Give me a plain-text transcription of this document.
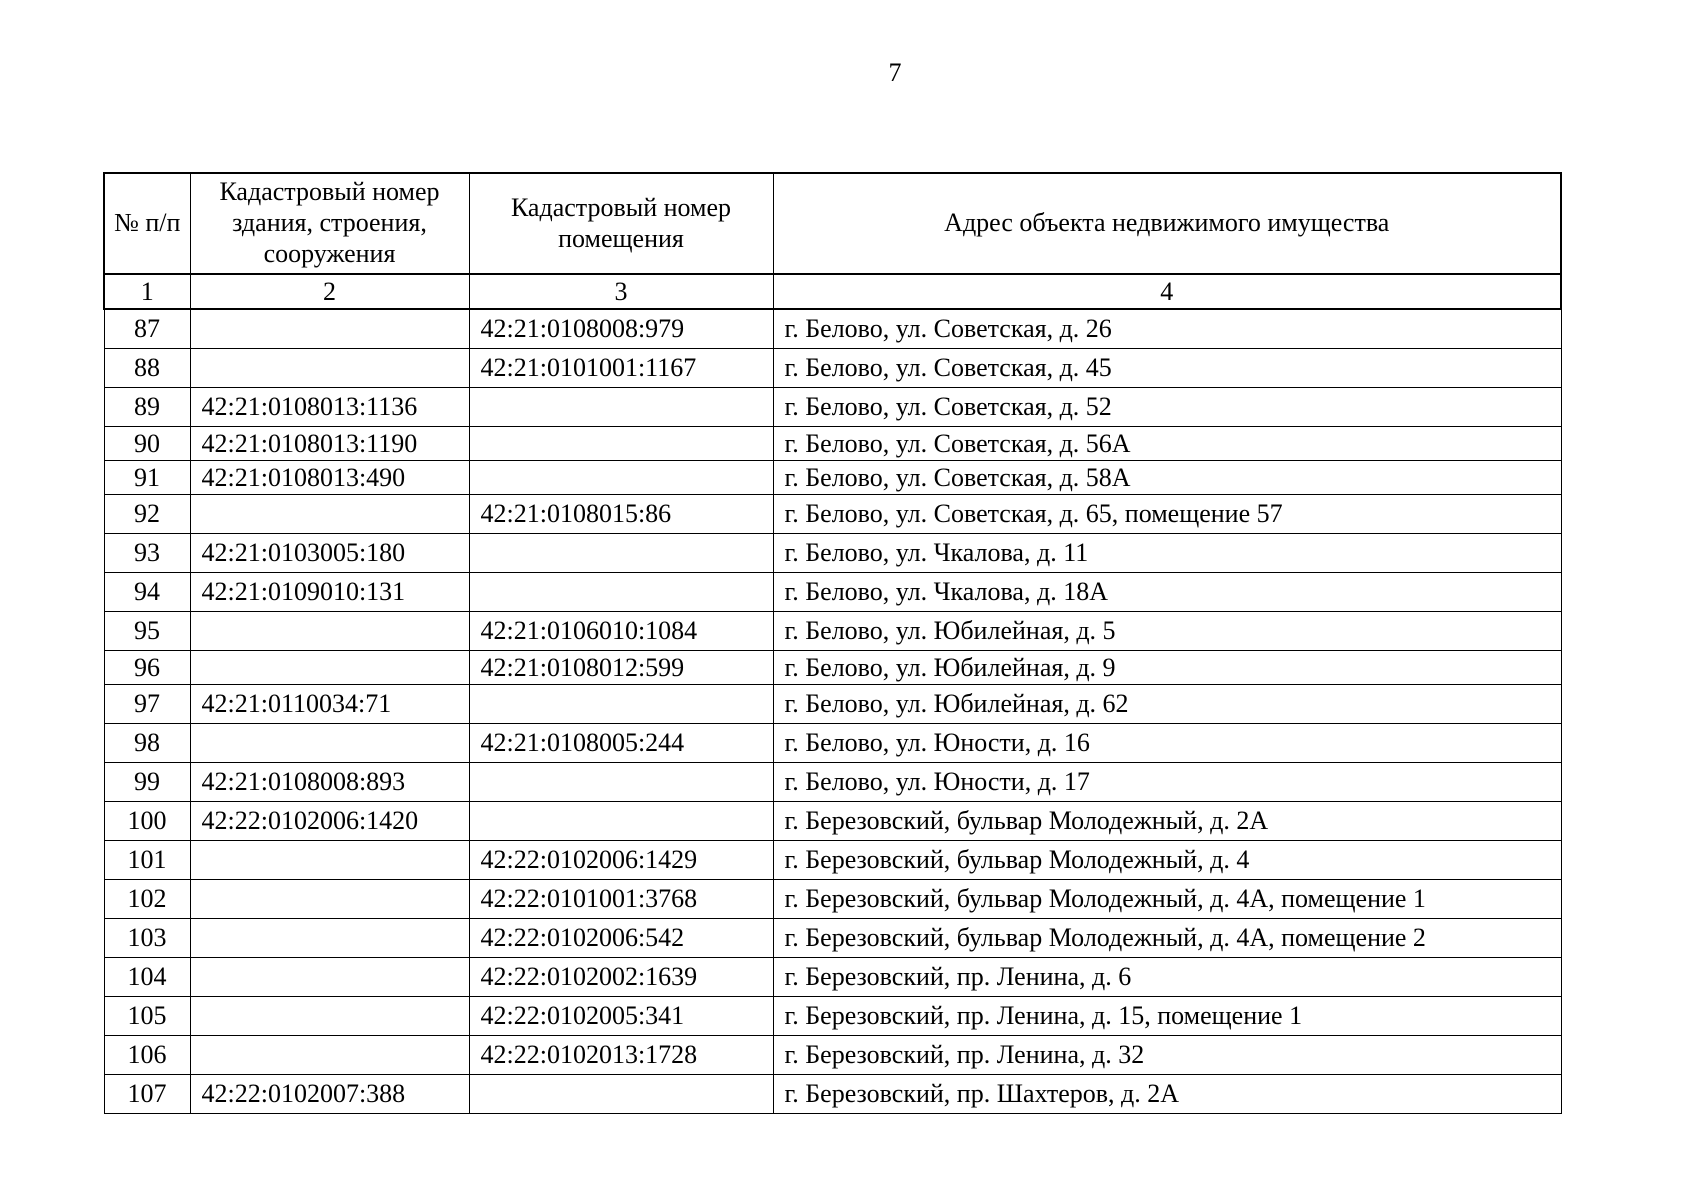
7
№ п/п	Кадастровый номер здания, строения, сооружения	Кадастровый номер помещения	Адрес объекта недвижимого имущества
1	2	3	4
87		42:21:0108008:979	г. Белово, ул. Советская, д. 26
88		42:21:0101001:1167	г. Белово, ул. Советская, д. 45
89	42:21:0108013:1136		г. Белово, ул. Советская, д. 52
90	42:21:0108013:1190		г. Белово, ул. Советская, д. 56А
91	42:21:0108013:490		г. Белово, ул. Советская, д. 58А
92		42:21:0108015:86	г. Белово, ул. Советская, д. 65, помещение 57
93	42:21:0103005:180		г. Белово, ул. Чкалова, д. 11
94	42:21:0109010:131		г. Белово, ул. Чкалова, д. 18А
95		42:21:0106010:1084	г. Белово, ул. Юбилейная, д. 5
96		42:21:0108012:599	г. Белово, ул. Юбилейная, д. 9
97	42:21:0110034:71		г. Белово, ул. Юбилейная, д. 62
98		42:21:0108005:244	г. Белово, ул. Юности, д. 16
99	42:21:0108008:893		г. Белово, ул. Юности, д. 17
100	42:22:0102006:1420		г. Березовский, бульвар Молодежный, д. 2А
101		42:22:0102006:1429	г. Березовский, бульвар Молодежный, д. 4
102		42:22:0101001:3768	г. Березовский, бульвар Молодежный, д. 4А, помещение 1
103		42:22:0102006:542	г. Березовский, бульвар Молодежный, д. 4А, помещение 2
104		42:22:0102002:1639	г. Березовский, пр. Ленина, д. 6
105		42:22:0102005:341	г. Березовский, пр. Ленина, д. 15, помещение 1
106		42:22:0102013:1728	г. Березовский, пр. Ленина, д. 32
107	42:22:0102007:388		г. Березовский, пр. Шахтеров, д. 2А
